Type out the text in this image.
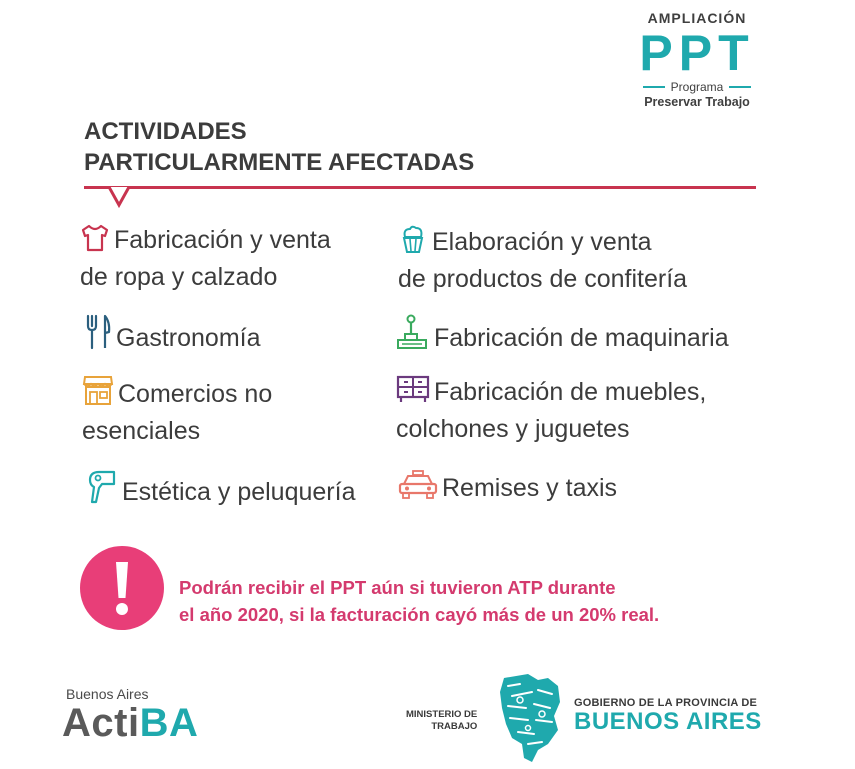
AMPLIACIÓN
PPT
Programa
Preservar Trabajo
ACTIVIDADES
PARTICULARMENTE AFECTADAS
Fabricación y venta
de ropa y calzado
Elaboración y venta
de productos de confitería
Gastronomía	Fabricación de maquinaria
Comercios no
esenciales
Fabricación de muebles,
colchones y juguetes
Estética y peluquería	Remises y taxis
Podrán recibir el PPT aún si tuvieron ATP durante
el año 2020, si la facturación cayó más de un 20% real.
Buenos Aires
ActiBA	MINISTERIO DE
TRABAJO
GOBIERNO DE LA PROVINCIA DE
BUENOS AIRES
